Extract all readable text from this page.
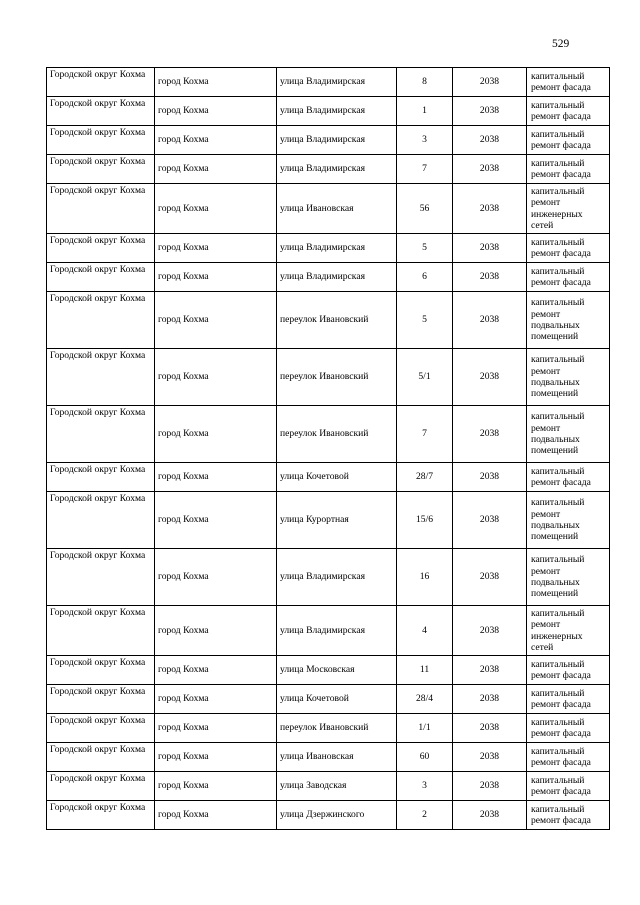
529
Городской округ Кохма	город Кохма	улица Владимирская	8	2038	капитальный ремонт фасада
Городской округ Кохма	город Кохма	улица Владимирская	1	2038	капитальный ремонт фасада
Городской округ Кохма	город Кохма	улица Владимирская	3	2038	капитальный ремонт фасада
Городской округ Кохма	город Кохма	улица Владимирская	7	2038	капитальный ремонт фасада
Городской округ Кохма	город Кохма	улица Ивановская	56	2038	капитальный ремонт инженерных сетей
Городской округ Кохма	город Кохма	улица Владимирская	5	2038	капитальный ремонт фасада
Городской округ Кохма	город Кохма	улица Владимирская	6	2038	капитальный ремонт фасада
Городской округ Кохма	город Кохма	переулок Ивановский	5	2038	капитальный ремонт подвальных помещений
Городской округ Кохма	город Кохма	переулок Ивановский	5/1	2038	капитальный ремонт подвальных помещений
Городской округ Кохма	город Кохма	переулок Ивановский	7	2038	капитальный ремонт подвальных помещений
Городской округ Кохма	город Кохма	улица Кочетовой	28/7	2038	капитальный ремонт фасада
Городской округ Кохма	город Кохма	улица Курортная	15/6	2038	капитальный ремонт подвальных помещений
Городской округ Кохма	город Кохма	улица Владимирская	16	2038	капитальный ремонт подвальных помещений
Городской округ Кохма	город Кохма	улица Владимирская	4	2038	капитальный ремонт инженерных сетей
Городской округ Кохма	город Кохма	улица Московская	11	2038	капитальный ремонт фасада
Городской округ Кохма	город Кохма	улица Кочетовой	28/4	2038	капитальный ремонт фасада
Городской округ Кохма	город Кохма	переулок Ивановский	1/1	2038	капитальный ремонт фасада
Городской округ Кохма	город Кохма	улица Ивановская	60	2038	капитальный ремонт фасада
Городской округ Кохма	город Кохма	улица Заводская	3	2038	капитальный ремонт фасада
Городской округ Кохма	город Кохма	улица Дзержинского	2	2038	капитальный ремонт фасада
